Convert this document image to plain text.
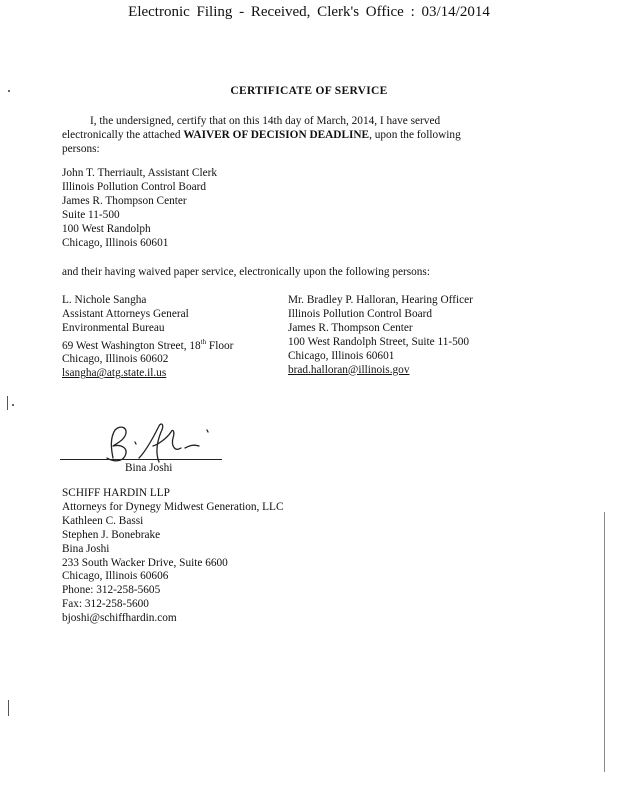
Electronic Filing - Received, Clerk's Office : 03/14/2014
CERTIFICATE OF SERVICE
I, the undersigned, certify that on this 14th day of March, 2014, I have served
electronically the attached WAIVER OF DECISION DEADLINE, upon the following
persons:
John T. Therriault, Assistant Clerk
Illinois Pollution Control Board
James R. Thompson Center
Suite 11-500
100 West Randolph
Chicago, Illinois 60601
and their having waived paper service, electronically upon the following persons:
L. Nichole Sangha
Assistant Attorneys General
Environmental Bureau
69 West Washington Street, 18th Floor
Chicago, Illinois 60602
lsangha@atg.state.il.us
Mr. Bradley P. Halloran, Hearing Officer
Illinois Pollution Control Board
James R. Thompson Center
100 West Randolph Street, Suite 11-500
Chicago, Illinois 60601
brad.halloran@illinois.gov
Bina Joshi
SCHIFF HARDIN LLP
Attorneys for Dynegy Midwest Generation, LLC
Kathleen C. Bassi
Stephen J. Bonebrake
Bina Joshi
233 South Wacker Drive, Suite 6600
Chicago, Illinois 60606
Phone: 312-258-5605
Fax: 312-258-5600
bjoshi@schiffhardin.com
